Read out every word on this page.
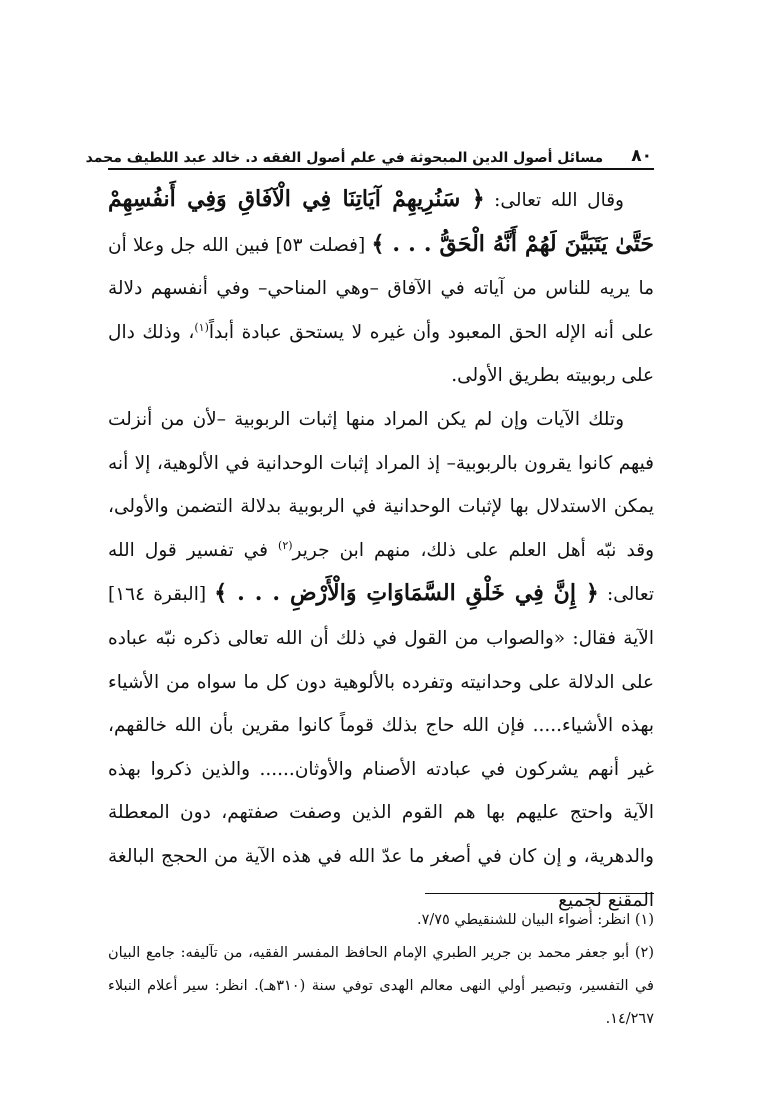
٨٠
مسائل أصول الدين المبحوثة في علم أصول الفقه د. خالد عبد اللطيف محمد

وقال الله تعالى: ﴿ سَنُرِيهِمْ آيَاتِنَا فِي الْآفَاقِ وَفِي أَنفُسِهِمْ حَتَّىٰ يَتَبَيَّنَ لَهُمْ أَنَّهُ الْحَقُّ . . . ﴾ [فصلت ٥٣] فبين الله جل وعلا أن ما يريه للناس من آياته في الآفاق –وهي المناحي– وفي أنفسهم دلالة على أنه الإله الحق المعبود وأن غيره لا يستحق عبادة أبداً$^{(١)}$، وذلك دال على ربوبيته بطريق الأولى.

وتلك الآيات وإن لم يكن المراد منها إثبات الربوبية –لأن من أنزلت فيهم كانوا يقرون بالربوبية– إذ المراد إثبات الوحدانية في الألوهية، إلا أنه يمكن الاستدلال بها لإثبات الوحدانية في الربوبية بدلالة التضمن والأولى، وقد نبّه أهل العلم على ذلك، منهم ابن جرير$^{(٢)}$ في تفسير قول الله تعالى: ﴿ إِنَّ فِي خَلْقِ السَّمَاوَاتِ وَالْأَرْضِ . . . ﴾ [البقرة ١٦٤] الآية فقال: «والصواب من القول في ذلك أن الله تعالى ذكره نبّه عباده على الدلالة على وحدانيته وتفرده بالألوهية دون كل ما سواه من الأشياء بهذه الأشياء..... فإن الله حاج بذلك قوماً كانوا مقرين بأن الله خالقهم، غير أنهم يشركون في عبادته الأصنام والأوثان...... والذين ذكروا بهذه الآية واحتج عليهم بها هم القوم الذين وصفت صفتهم، دون المعطلة والدهرية، و إن كان في أصغر ما عدّ الله في هذه الآية من الحجج البالغة المقنع لجميع

(١) انظر: أضواء البيان للشنقيطي ٧/٧٥.

(٢) أبو جعفر محمد بن جرير الطبري الإمام الحافظ المفسر الفقيه، من تآليفه: جامع البيان في التفسير، وتبصير أولي النهى معالم الهدى توفي سنة (٣١٠هـ). انظر: سير أعلام النبلاء ١٤/٢٦٧.
